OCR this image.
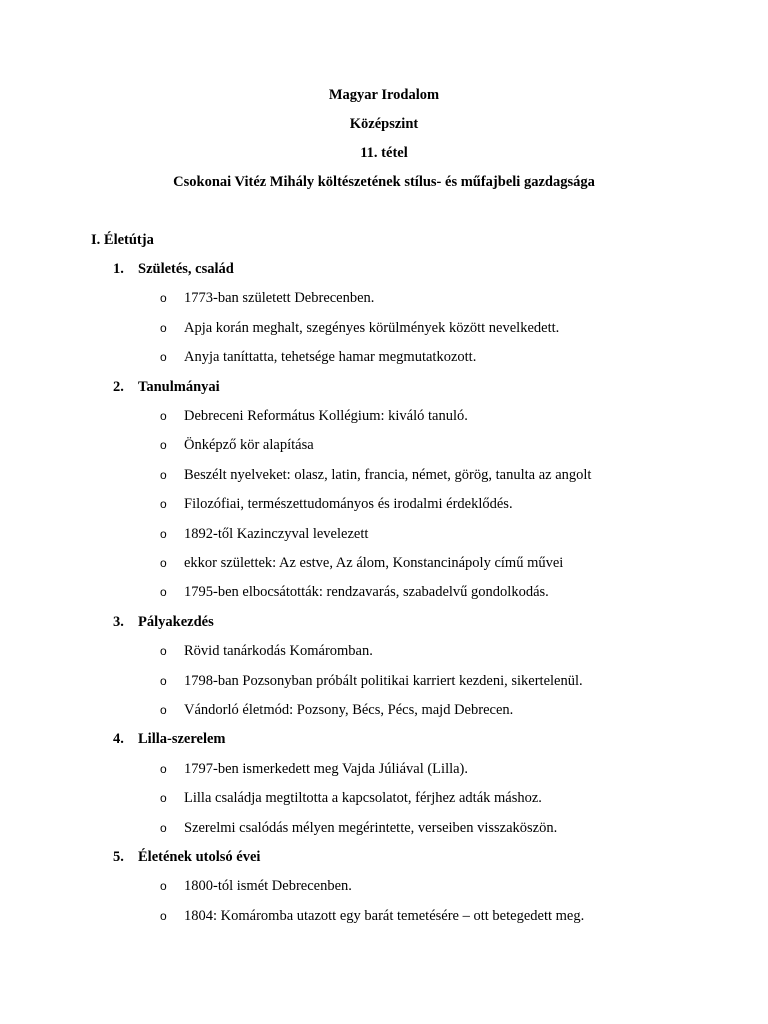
Magyar Irodalom
Középszint
11. tétel
Csokonai Vitéz Mihály költészetének stílus- és műfajbeli gazdagsága
I. Életútja
1. Születés, család
o 1773-ban született Debrecenben.
o Apja korán meghalt, szegényes körülmények között nevelkedett.
o Anyja taníttatta, tehetsége hamar megmutatkozott.
2. Tanulmányai
o Debreceni Református Kollégium: kiváló tanuló.
o Önképző kör alapítása
o Beszélt nyelveket: olasz, latin, francia, német, görög, tanulta az angolt
o Filozófiai, természettudományos és irodalmi érdeklődés.
o 1892-től Kazinczyval levelezett
o ekkor születtek: Az estve, Az álom, Konstancinápoly című művei
o 1795-ben elbocsátották: rendzavarás, szabadelvű gondolkodás.
3. Pályakezdés
o Rövid tanárkodás Komáromban.
o 1798-ban Pozsonyban próbált politikai karriert kezdeni, sikertelenül.
o Vándorló életmód: Pozsony, Bécs, Pécs, majd Debrecen.
4. Lilla-szerelem
o 1797-ben ismerkedett meg Vajda Júliával (Lilla).
o Lilla családja megtiltotta a kapcsolatot, férjhez adták máshoz.
o Szerelmi csalódás mélyen megérintette, verseiben visszaköszön.
5. Életének utolsó évei
o 1800-tól ismét Debrecenben.
o 1804: Komáromba utazott egy barát temetésére – ott betegedett meg.
